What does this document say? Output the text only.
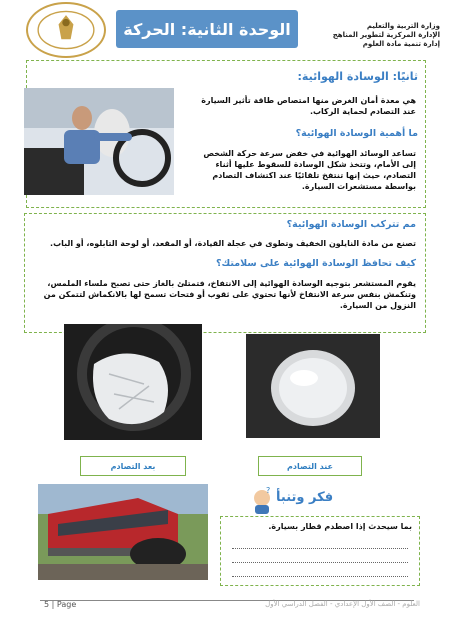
الوحدة الثانية: الحركة	وزارة التربية والتعليم
الإدارة المركزية لتطوير المناهج
إدارة تنمية مادة العلوم
ثانيًا: الوسادة الهوائية:
هي معدة أمان الغرض منها امتصاص طاقة تأثير السيارة عند التصادم لحماية الركاب.
ما أهمية الوسادة الهوائية؟
تساعد الوسائد الهوائية في خفض سرعة حركة الشخص إلى الأمام، وتتخذ شكل الوسادة للسقوط عليها أثناء التصادم، حيث إنها تنتفخ تلقائيًا عند اكتشاف التصادم بواسطة مستشعرات السيارة.
مم تتركب الوسادة الهوائية؟
تصنع من مادة النايلون الخفيف وتطوى في عجلة القيادة، أو المقعد، أو لوحة التابلوه، أو الباب.
كيف تحافظ الوسادة الهوائية على سلامتك؟
يقوم المستشعر بتوجيه الوسادة الهوائية إلى الانتفاخ، فتمتلئ بالغاز حتى تصبح ملساء الملمس، وتنكمش بنفس سرعة الانتفاخ لأنها تحتوي على ثقوب أو فتحات تسمح لها بالانكماش لتتمكن من النزول من السيارة.
بعد التصادم	عند التصادم
? فكر وتنبأ
بما سيحدث إذا اصطدم قطار بسيارة.
العلوم - الصف الأول الإعدادي - الفصل الدراسي الأول
5 | Page
